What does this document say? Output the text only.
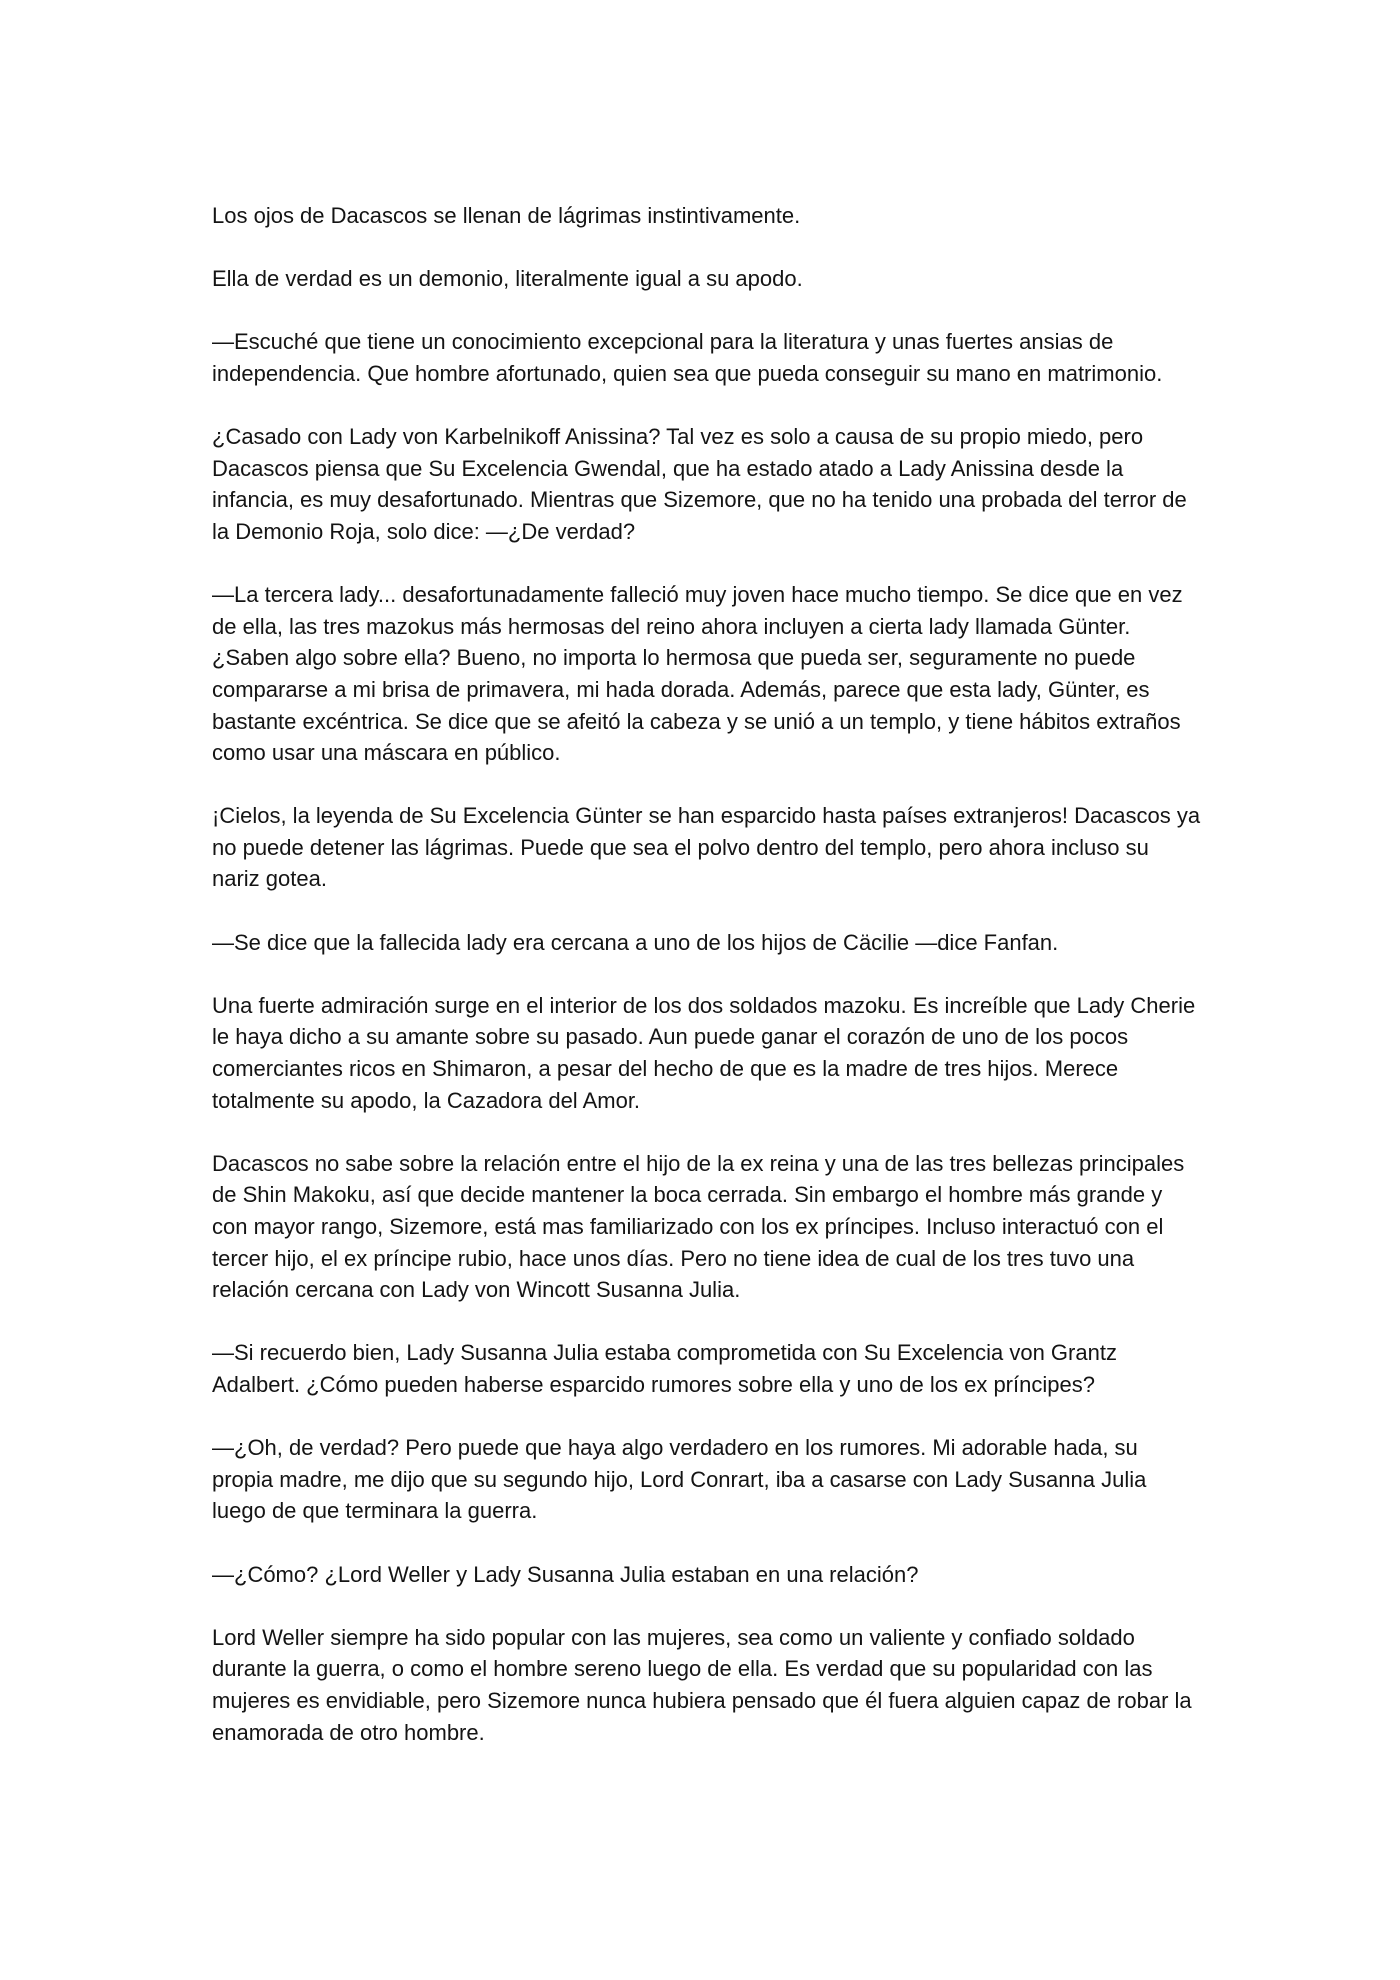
Los ojos de Dacascos se llenan de lágrimas instintivamente.

Ella de verdad es un demonio, literalmente igual a su apodo.

—Escuché que tiene un conocimiento excepcional para la literatura y unas fuertes ansias de independencia. Que hombre afortunado, quien sea que pueda conseguir su mano en matrimonio.

¿Casado con Lady von Karbelnikoff Anissina? Tal vez es solo a causa de su propio miedo, pero Dacascos piensa que Su Excelencia Gwendal, que ha estado atado a Lady Anissina desde la infancia, es muy desafortunado. Mientras que Sizemore, que no ha tenido una probada del terror de la Demonio Roja, solo dice: —¿De verdad?

—La tercera lady... desafortunadamente falleció muy joven hace mucho tiempo. Se dice que en vez de ella, las tres mazokus más hermosas del reino ahora incluyen a cierta lady llamada Günter. ¿Saben algo sobre ella? Bueno, no importa lo hermosa que pueda ser, seguramente no puede compararse a mi brisa de primavera, mi hada dorada. Además, parece que esta lady, Günter, es bastante excéntrica. Se dice que se afeitó la cabeza y se unió a un templo, y tiene hábitos extraños como usar una máscara en público.

¡Cielos, la leyenda de Su Excelencia Günter se han esparcido hasta países extranjeros! Dacascos ya no puede detener las lágrimas. Puede que sea el polvo dentro del templo, pero ahora incluso su nariz gotea.

—Se dice que la fallecida lady era cercana a uno de los hijos de Cäcilie —dice Fanfan.

Una fuerte admiración surge en el interior de los dos soldados mazoku. Es increíble que Lady Cherie le haya dicho a su amante sobre su pasado. Aun puede ganar el corazón de uno de los pocos comerciantes ricos en Shimaron, a pesar del hecho de que es la madre de tres hijos. Merece totalmente su apodo, la Cazadora del Amor.

Dacascos no sabe sobre la relación entre el hijo de la ex reina y una de las tres bellezas principales de Shin Makoku, así que decide mantener la boca cerrada. Sin embargo el hombre más grande y con mayor rango, Sizemore, está mas familiarizado con los ex príncipes. Incluso interactuó con el tercer hijo, el ex príncipe rubio, hace unos días. Pero no tiene idea de cual de los tres tuvo una relación cercana con Lady von Wincott Susanna Julia.

—Si recuerdo bien, Lady Susanna Julia estaba comprometida con Su Excelencia von Grantz Adalbert. ¿Cómo pueden haberse esparcido rumores sobre ella y uno de los ex príncipes?

—¿Oh, de verdad? Pero puede que haya algo verdadero en los rumores. Mi adorable hada, su propia madre, me dijo que su segundo hijo, Lord Conrart, iba a casarse con Lady Susanna Julia luego de que terminara la guerra.

—¿Cómo? ¿Lord Weller y Lady Susanna Julia estaban en una relación?

Lord Weller siempre ha sido popular con las mujeres, sea como un valiente y confiado soldado durante la guerra, o como el hombre sereno luego de ella. Es verdad que su popularidad con las mujeres es envidiable, pero Sizemore nunca hubiera pensado que él fuera alguien capaz de robar la enamorada de otro hombre.
